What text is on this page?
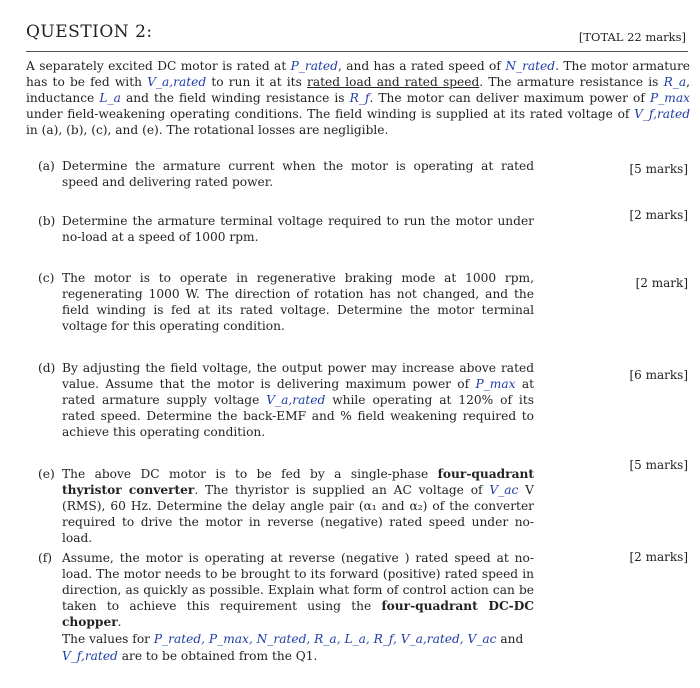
QUESTION 2:	[TOTAL 22 marks]
A separately excited DC motor is rated at P_rated, and has a rated speed of N_rated. The motor armature has to be fed with V_a,rated to run it at its rated load and rated speed. The armature resistance is R_a, inductance L_a and the field winding resistance is R_f. The motor can deliver maximum power of P_max under field-weakening operating conditions. The field winding is supplied at its rated voltage of V_f,rated in (a), (b), (c), and (e). The rotational losses are negligible.
(a) Determine the armature current when the motor is operating at rated speed and delivering rated power.
[5 marks]
(b) Determine the armature terminal voltage required to run the motor under no-load at a speed of 1000 rpm.
[2 marks]
(c) The motor is to operate in regenerative braking mode at 1000 rpm, regenerating 1000 W. The direction of rotation has not changed, and the field winding is fed at its rated voltage. Determine the motor terminal voltage for this operating condition.
[2 mark]
(d) By adjusting the field voltage, the output power may increase above rated value. Assume that the motor is delivering maximum power of P_max at rated armature supply voltage V_a,rated while operating at 120% of its rated speed. Determine the back-EMF and % field weakening required to achieve this operating condition.
[6 marks]
(e) The above DC motor is to be fed by a single-phase four-quadrant thyristor converter. The thyristor is supplied an AC voltage of V_ac V (RMS), 60 Hz. Determine the delay angle pair (α₁ and α₂) of the converter required to drive the motor in reverse (negative) rated speed under no-load.
[5 marks]
(f) Assume, the motor is operating at reverse (negative ) rated speed at no-load. The motor needs to be brought to its forward (positive) rated speed in direction, as quickly as possible. Explain what form of control action can be taken to achieve this requirement using the four-quadrant DC-DC chopper.
[2 marks]
The values for P_rated, P_max, N_rated, R_a, L_a, R_f, V_a,rated, V_ac and V_f,rated are to be obtained from the Q1.
